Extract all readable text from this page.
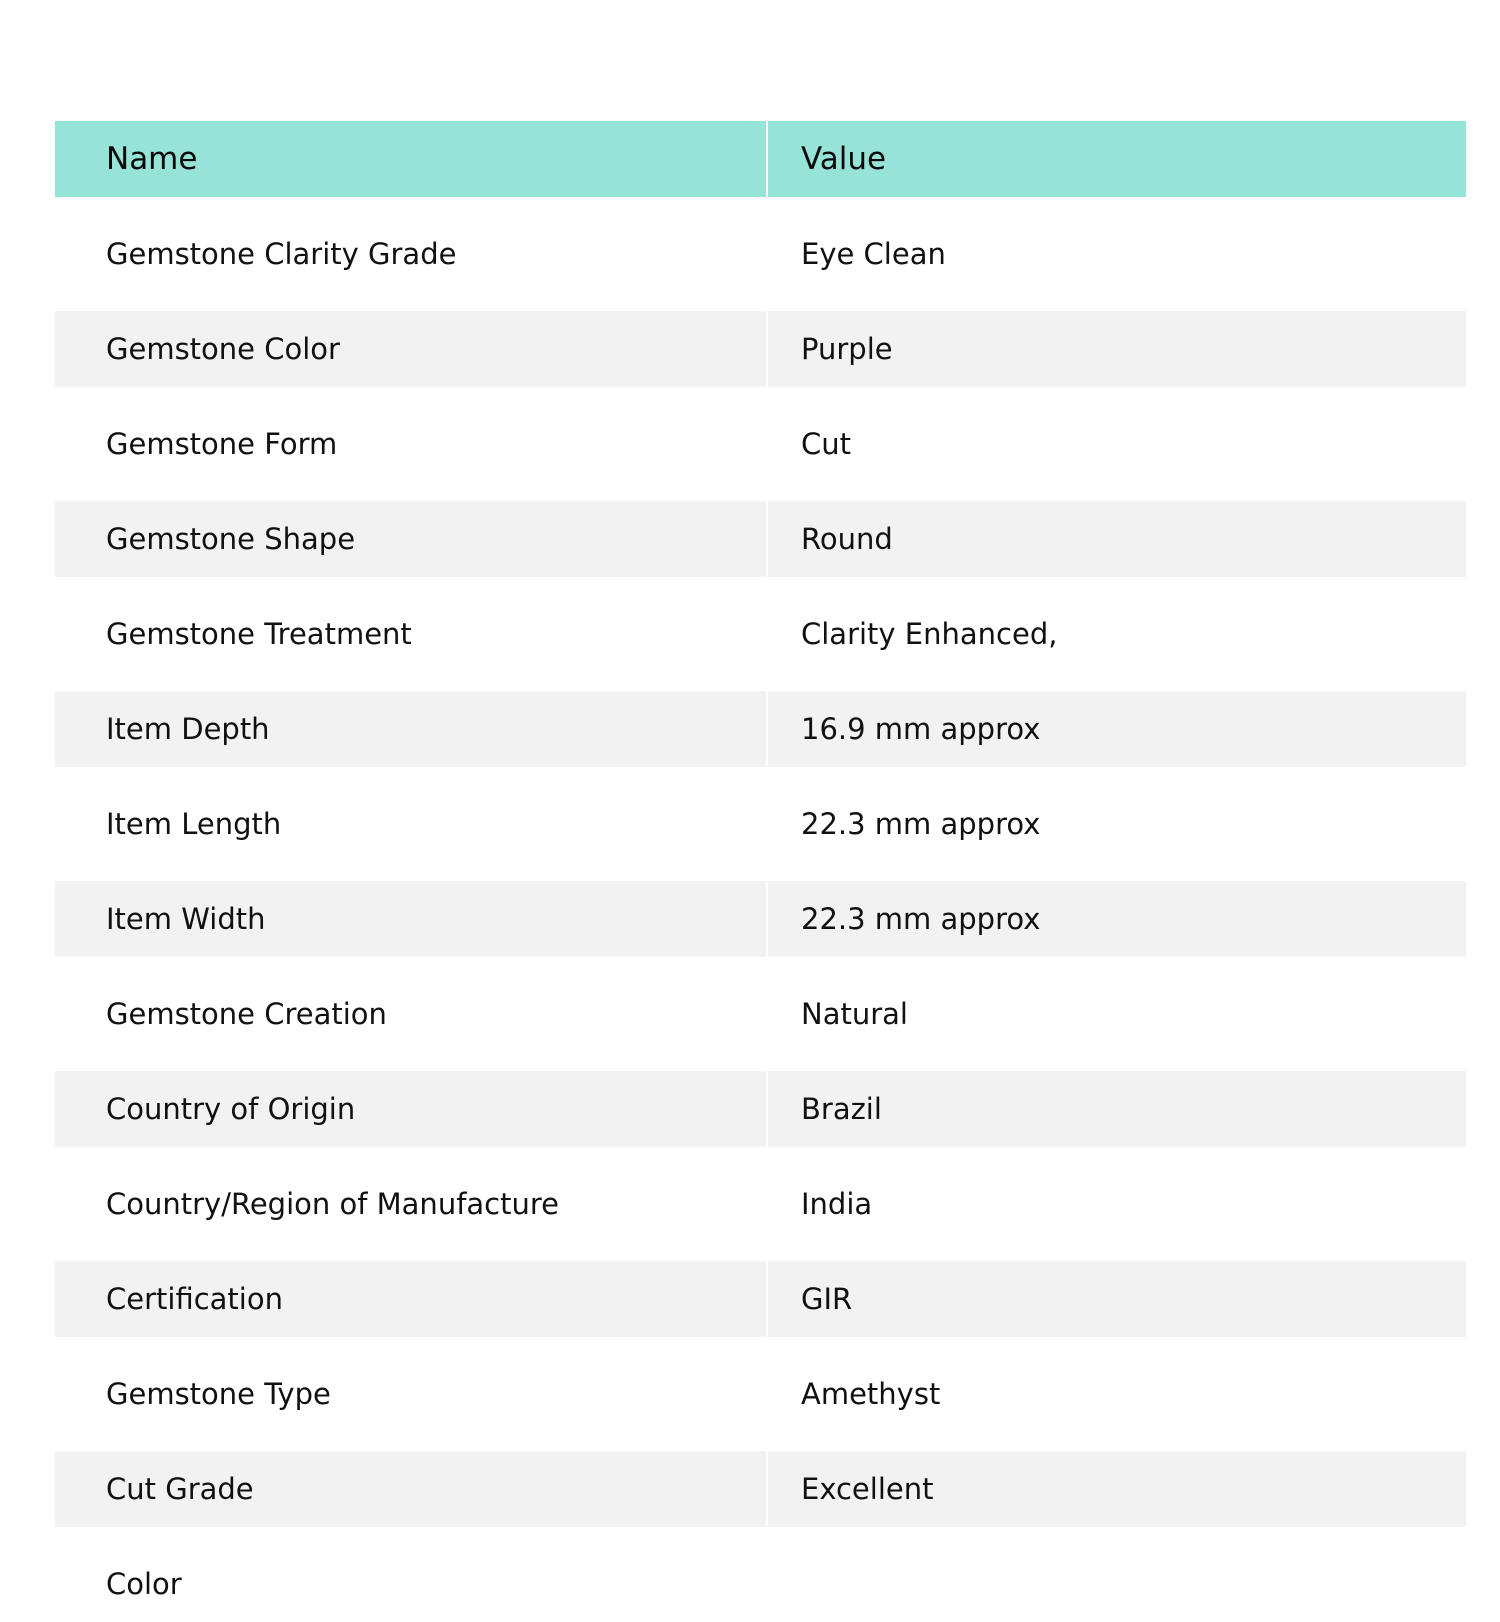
Name	Value
Gemstone Clarity Grade	Eye Clean
Gemstone Color	Purple
Gemstone Form	Cut
Gemstone Shape	Round
Gemstone Treatment	Clarity Enhanced,
Item Depth	16.9 mm approx
Item Length	22.3 mm approx
Item Width	22.3 mm approx
Gemstone Creation	Natural
Country of Origin	Brazil
Country/Region of Manufacture	India
Certification	GIR
Gemstone Type	Amethyst
Cut Grade	Excellent
Color
